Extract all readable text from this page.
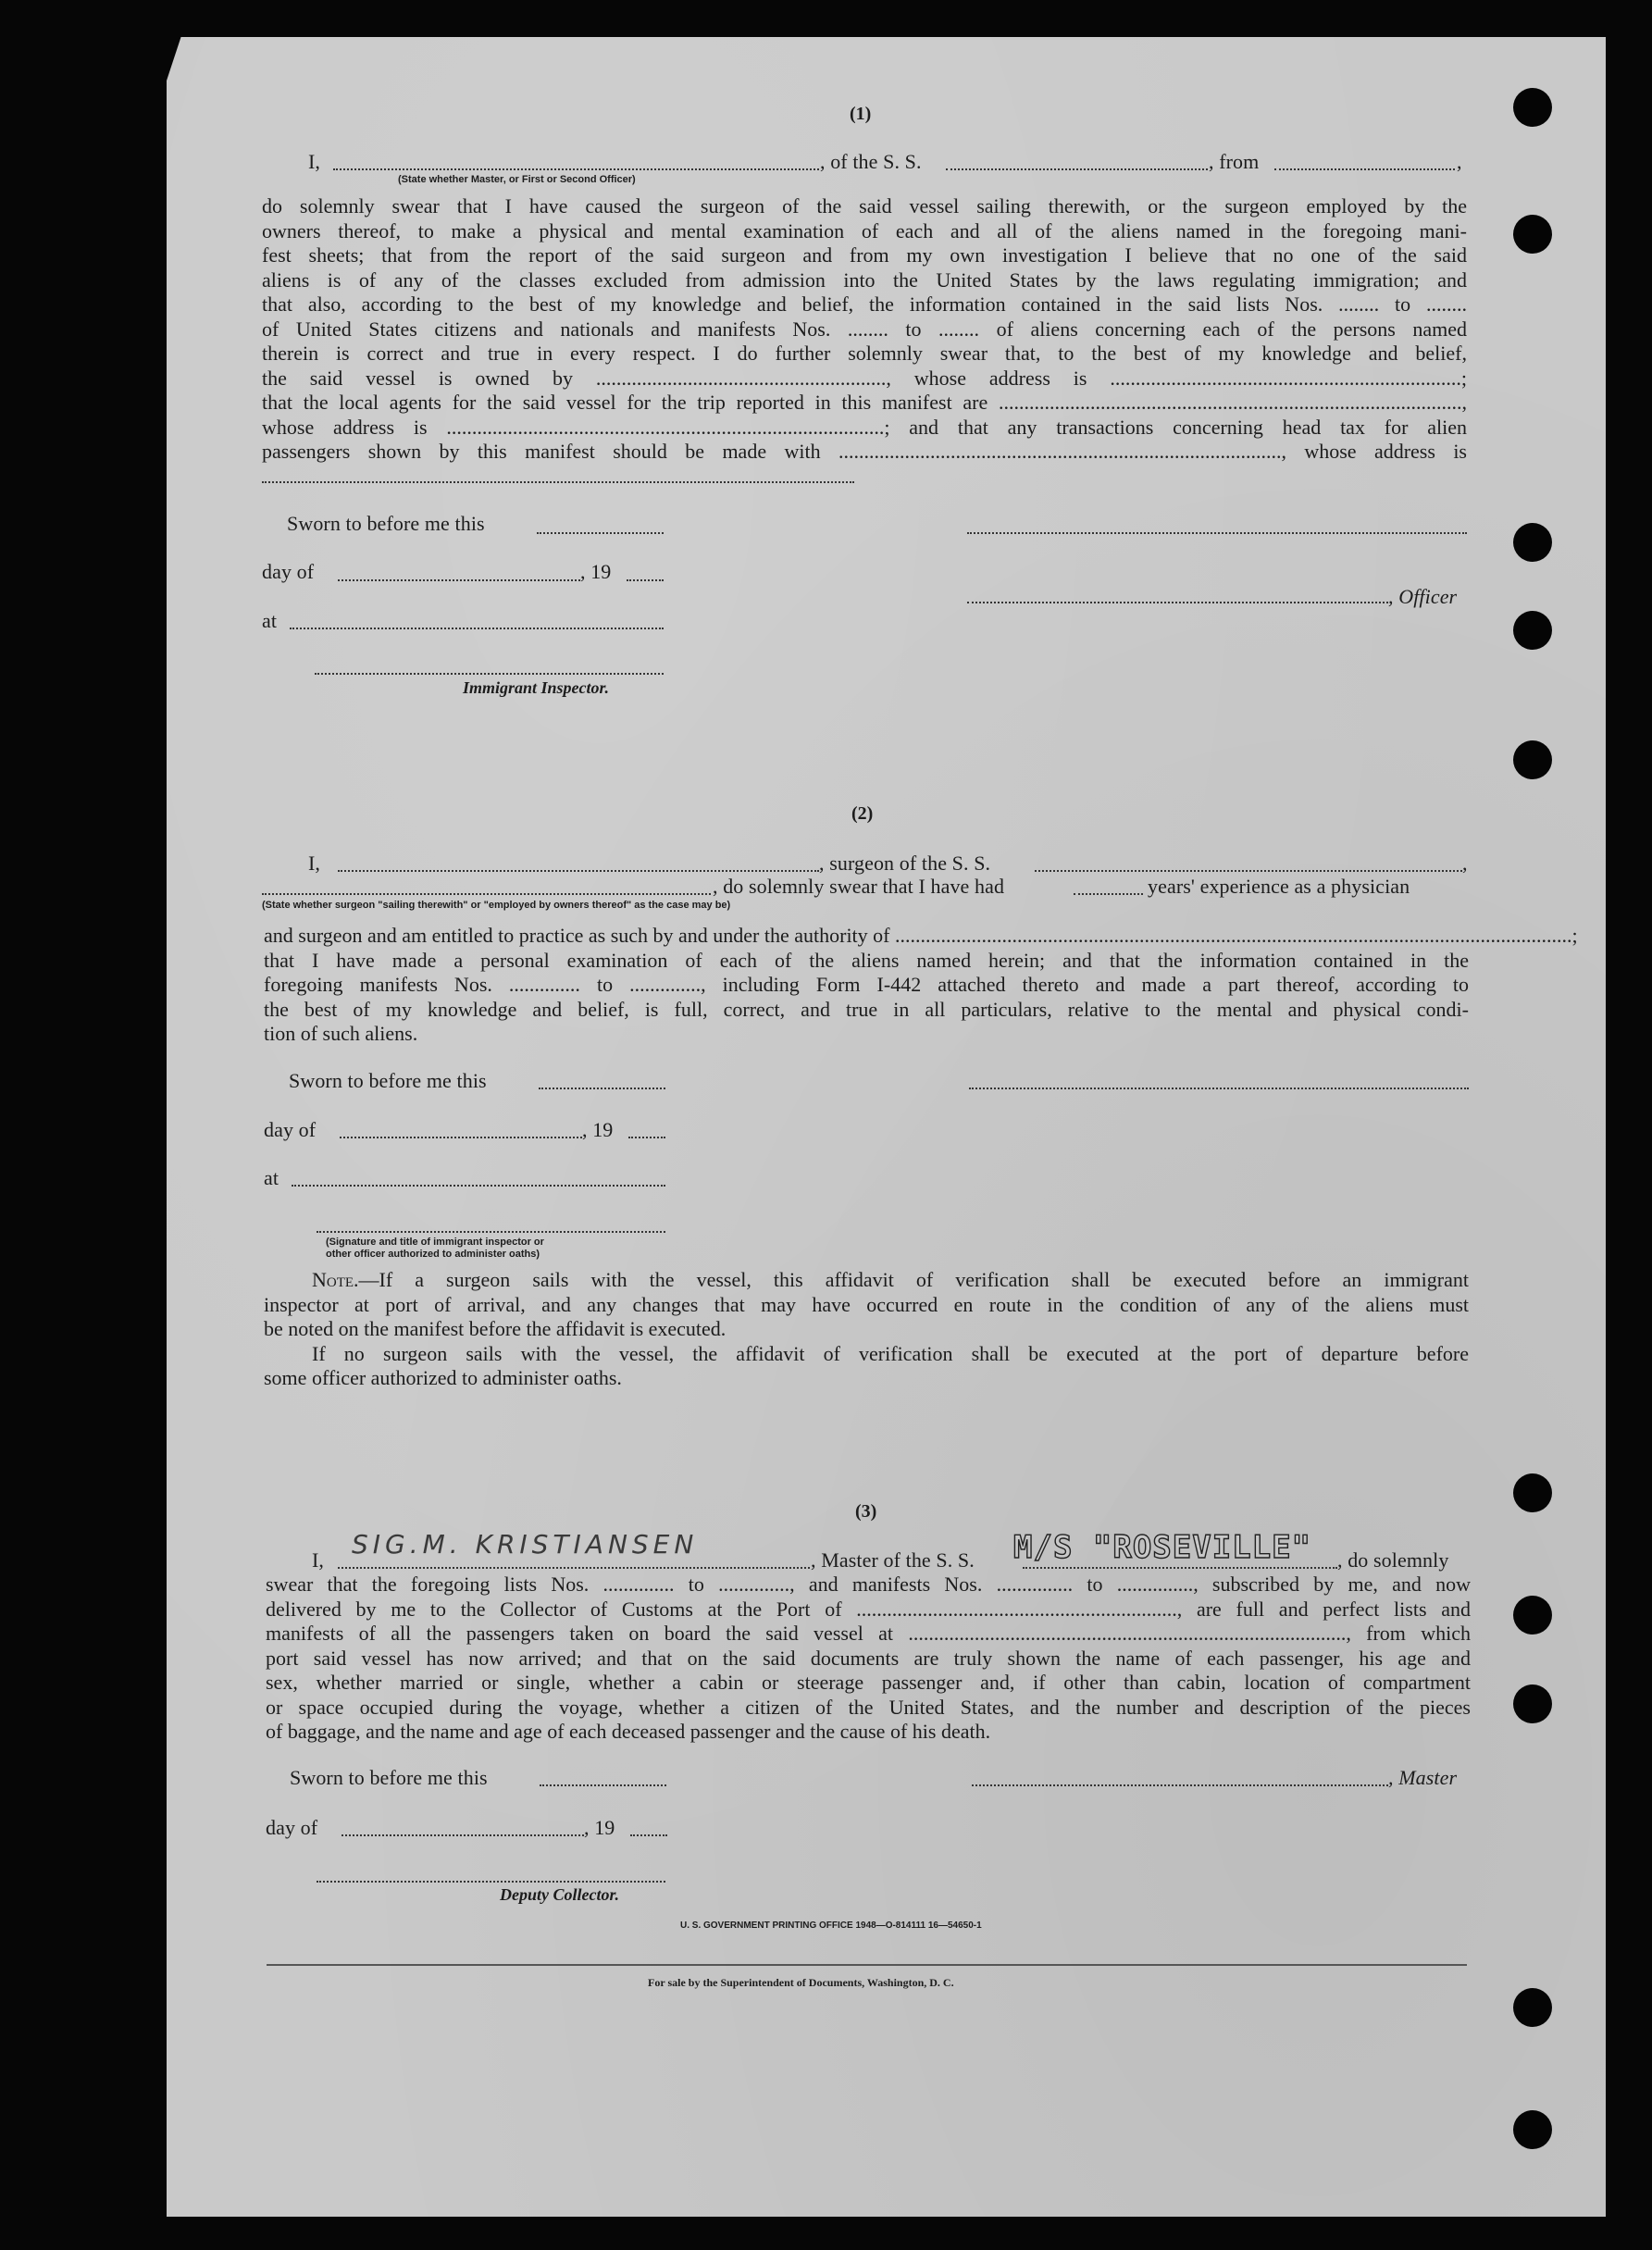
(1)
I,	, of the S. S.	, from	,
(State whether Master, or First or Second Officer)
do solemnly swear that I have caused the surgeon of the said vessel sailing therewith, or the surgeon employed by the
owners thereof, to make a physical and mental examination of each and all of the aliens named in the foregoing mani-
fest sheets; that from the report of the said surgeon and from my own investigation I believe that no one of the said
aliens is of any of the classes excluded from admission into the United States by the laws regulating immigration; and
that also, according to the best of my knowledge and belief, the information contained in the said lists Nos. ........ to ........
of United States citizens and nationals and manifests Nos. ........ to ........ of aliens concerning each of the persons named
therein is correct and true in every respect. I do further solemnly swear that, to the best of my knowledge and belief,
the said vessel is owned by ........................................................., whose address is .....................................................................;
that the local agents for the said vessel for the trip reported in this manifest are ...........................................................................................,
whose address is ......................................................................................; and that any transactions concerning head tax for alien
passengers shown by this manifest should be made with ......................................................................................., whose address is
Sworn to before me this
day of	, 19
, Officer
at
Immigrant Inspector.
(2)
I,	, surgeon of the S. S.	,
, do solemnly swear that I have had	years' experience as a physician
(State whether surgeon "sailing therewith" or "employed by owners thereof" as the case may be)
and surgeon and am entitled to practice as such by and under the authority of .....................................................................................................................................;
that I have made a personal examination of each of the aliens named herein; and that the information contained in the
foregoing manifests Nos. .............. to .............., including Form I-442 attached thereto and made a part thereof, according to
the best of my knowledge and belief, is full, correct, and true in all particulars, relative to the mental and physical condi-
tion of such aliens.
Sworn to before me this
day of	, 19
at
(Signature and title of immigrant inspector or
other officer authorized to administer oaths)
Note.—If a surgeon sails with the vessel, this affidavit of verification shall be executed before an immigrant
inspector at port of arrival, and any changes that may have occurred en route in the condition of any of the aliens must
be noted on the manifest before the affidavit is executed.
If no surgeon sails with the vessel, the affidavit of verification shall be executed at the port of departure before
some officer authorized to administer oaths.
(3)
I,
SIG.M. KRISTIANSEN
, Master of the S. S. M/S "ROSEVILLE" , do solemnly
swear that the foregoing lists Nos. .............. to .............., and manifests Nos. ............... to ..............., subscribed by me, and now
delivered by me to the Collector of Customs at the Port of ..............................................................., are full and perfect lists and
manifests of all the passengers taken on board the said vessel at ......................................................................................, from which
port said vessel has now arrived; and that on the said documents are truly shown the name of each passenger, his age and
sex, whether married or single, whether a cabin or steerage passenger and, if other than cabin, location of compartment
or space occupied during the voyage, whether a citizen of the United States, and the number and description of the pieces
of baggage, and the name and age of each deceased passenger and the cause of his death.
Sworn to before me this	, Master
day of	, 19
Deputy Collector.
U. S. GOVERNMENT PRINTING OFFICE 1948—O-814111 16—54650-1
For sale by the Superintendent of Documents, Washington, D. C.
